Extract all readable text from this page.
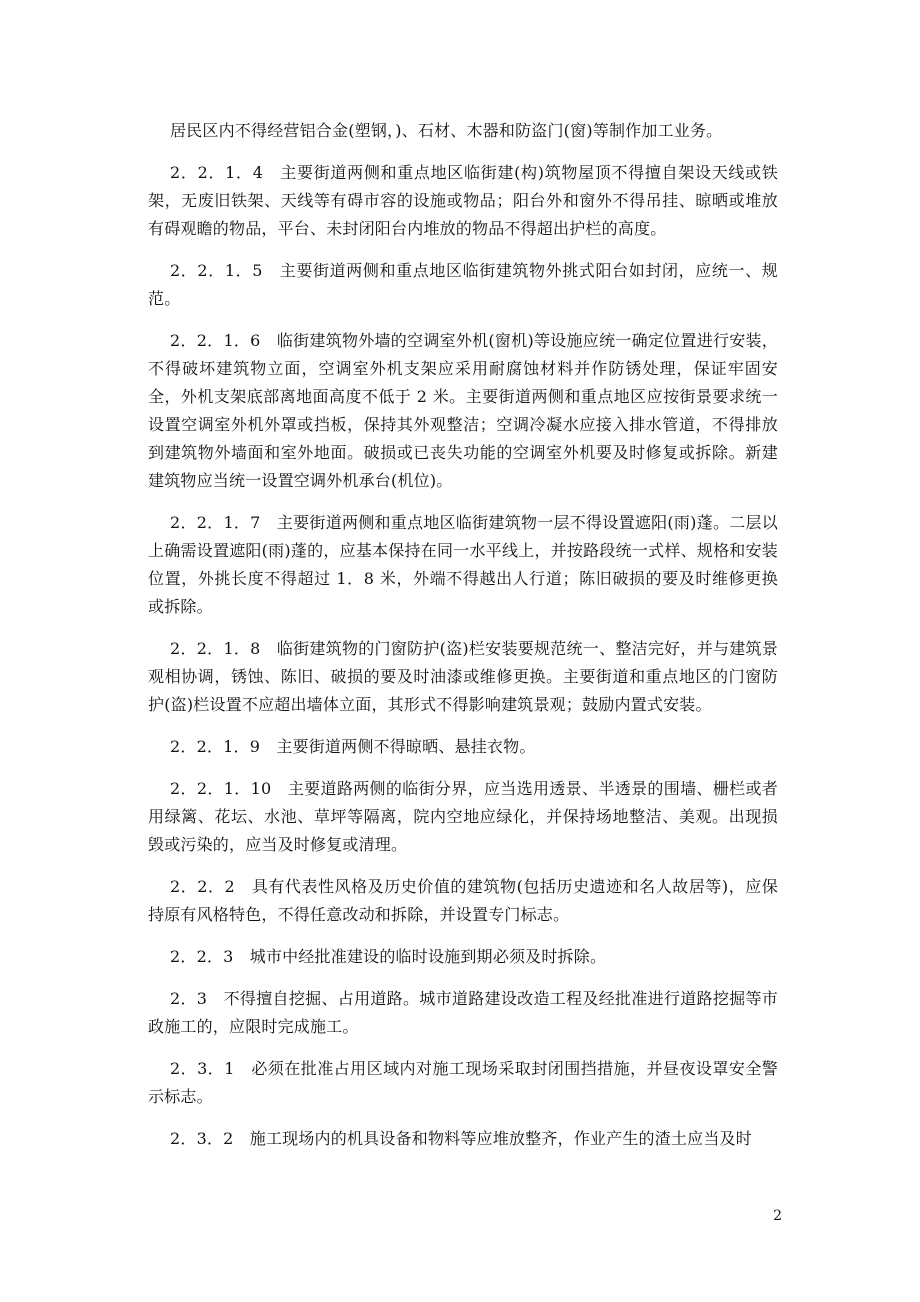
居民区内不得经营铝合金(塑钢，)、石材、木器和防盗门(窗)等制作加工业务。

2．2．1．4　主要街道两侧和重点地区临街建(构)筑物屋顶不得擅自架设天线或铁架，无废旧铁架、天线等有碍市容的设施或物品；阳台外和窗外不得吊挂、晾晒或堆放有碍观瞻的物品，平台、未封闭阳台内堆放的物品不得超出护栏的高度。

2．2．1．5　主要街道两侧和重点地区临街建筑物外挑式阳台如封闭，应统一、规范。

2．2．1．6　临街建筑物外墙的空调室外机(窗机)等设施应统一确定位置进行安装，不得破坏建筑物立面，空调室外机支架应采用耐腐蚀材料并作防锈处理，保证牢固安全，外机支架底部离地面高度不低于 2 米。主要街道两侧和重点地区应按街景要求统一设置空调室外机外罩或挡板，保持其外观整洁；空调冷凝水应接入排水管道，不得排放到建筑物外墙面和室外地面。破损或已丧失功能的空调室外机要及时修复或拆除。新建建筑物应当统一设置空调外机承台(机位)。

2．2．1．7　主要街道两侧和重点地区临街建筑物一层不得设置遮阳(雨)蓬。二层以上确需设置遮阳(雨)蓬的，应基本保持在同一水平线上，并按路段统一式样、规格和安装位置，外挑长度不得超过 1．8 米，外端不得越出人行道；陈旧破损的要及时维修更换或拆除。

2．2．1．8　临街建筑物的门窗防护(盗)栏安装要规范统一、整洁完好，并与建筑景观相协调，锈蚀、陈旧、破损的要及时油漆或维修更换。主要街道和重点地区的门窗防护(盗)栏设置不应超出墙体立面，其形式不得影响建筑景观；鼓励内置式安装。

2．2．1．9　主要街道两侧不得晾晒、悬挂衣物。

2．2．1．10　主要道路两侧的临街分界，应当选用透景、半透景的围墙、栅栏或者用绿篱、花坛、水池、草坪等隔离，院内空地应绿化，并保持场地整洁、美观。出现损毁或污染的，应当及时修复或清理。

2．2．2　具有代表性风格及历史价值的建筑物(包括历史遗迹和名人故居等)，应保持原有风格特色，不得任意改动和拆除，并设置专门标志。

2．2．3　城市中经批准建设的临时设施到期必须及时拆除。

2．3　不得擅自挖掘、占用道路。城市道路建设改造工程及经批准进行道路挖掘等市政施工的，应限时完成施工。

2．3．1　必须在批准占用区域内对施工现场采取封闭围挡措施，并昼夜设罩安全警示标志。

2．3．2　施工现场内的机具设备和物料等应堆放整齐，作业产生的渣土应当及时

2
